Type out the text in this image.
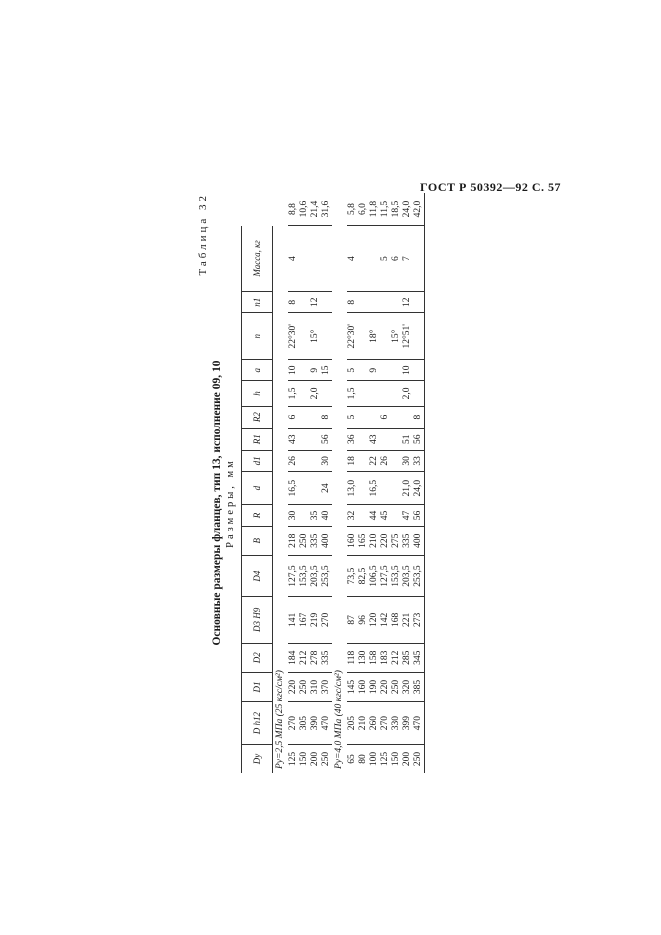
ГОСТ Р 50392—92 С. 57
Таблица 32
Основные размеры фланцев, тип 13, исполнение 09, 10 Размеры, мм
Dy	D h12	D1	D2	D3 H9	D4	B	R	d	d1	R1	R2	h	a	n	n1	Масса, кг	
Py=2,5 МПа (25 кгс/см²)																	
125	270	220	184	141	127,5	218	30	16,5	26	43	6	1,5	10	22°30'	8	4	8,8
150	305	250	212	167	153,5	250											10,6
200	390	310	278	219	203,5	335	35					2,0	9	15°	12		21,4
250	470	370	335	270	253,5	400	40	24	30	56	8		15				31,6
Py=4,0 МПа (40 кгс/см²)																	
65	205	145	118	87	73,5	160	32	13,0	18	36	5	1,5	5	22°30'	8	4	5,8
80	210	160	130	96	82,5	165											6,0
100	260	190	158	120	106,5	210	44	16,5	22	43			9	18°			11,8
125	270	220	183	142	127,5	220	45		26		6					5	11,5
150	330	250	212	168	153,5	275								15°		6	18,5
200	399	320	285	221	203,5	335	47	21,0	30	51		2,0	10	12°51'	12	7	24,0
250	470	385	345	273	253,5	400	56	24,0	33	56	8						42,0
